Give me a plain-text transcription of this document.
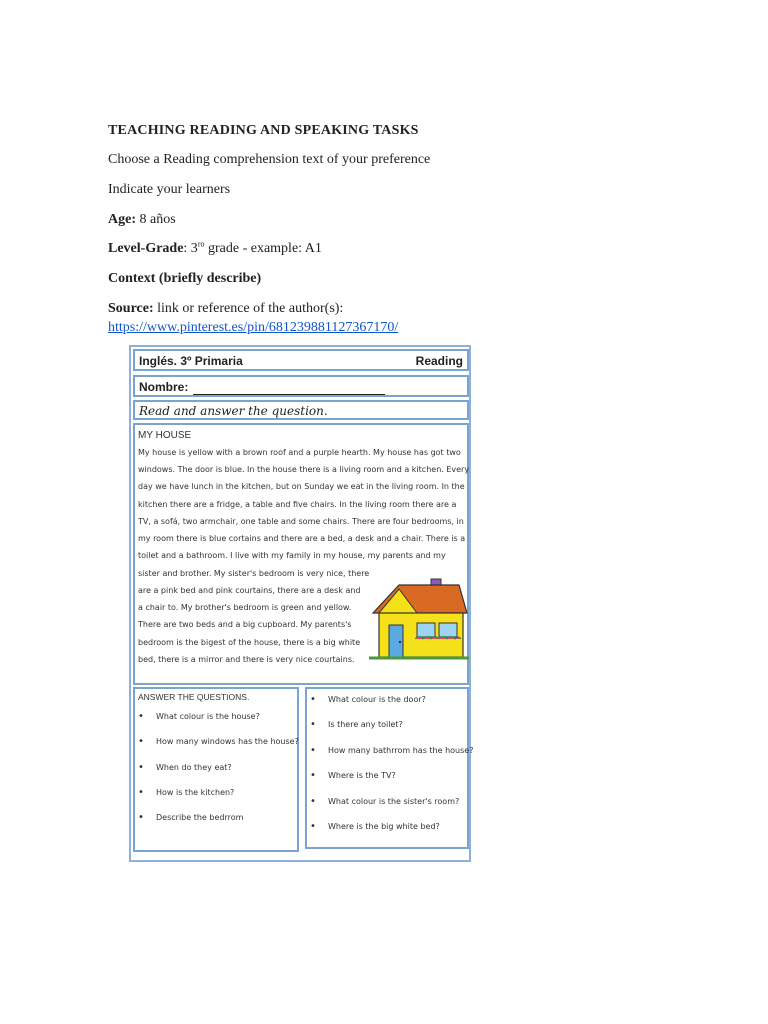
TEACHING READING AND SPEAKING TASKS
Choose a Reading comprehension text of your preference
Indicate your learners
Age: 8 años
Level-Grade: $3^{ro}$ grade - example: A1
Context (briefly describe)
Source: link or reference of the author(s):
https://www.pinterest.es/pin/681239881127367170/
Inglés. 3º Primaria	Reading
Nombre:
Read and answer the question.
MY HOUSE

My house is yellow with a brown roof and a purple hearth. My house has got two

windows. The door is blue. In the house there is a living room and a kitchen. Every

day we have lunch in the kitchen, but on Sunday we eat in the living room. In the

kitchen there are a fridge, a table and five chairs. In the living room there are a

TV, a sofá, two armchair, one table and some chairs. There are four bedrooms, in

my room there is blue cortains and there are a bed, a desk and a chair. There is a

toilet and a bathroom. I live with my family in my house, my parents and my

sister and brother. My sister's bedroom is very nice, there

are a pink bed and pink courtains, there are a desk and

a chair to. My brother's bedroom is green and yellow.

There are two beds and a big cupboard. My parents's

bedroom is the bigest of the house, there is a big white

bed, there is a mirror and there is very nice courtains.

ANSWER THE QUESTIONS.
• What colour is the house?
• How many windows has the house?
• When do they eat?
• How is the kitchen?
• Describe the bedrrom
• What colour is the door?
• Is there any toilet?
• How many bathrrom has the house?
• Where is the TV?
• What colour is the sister's room?
• Where is the big white bed?
